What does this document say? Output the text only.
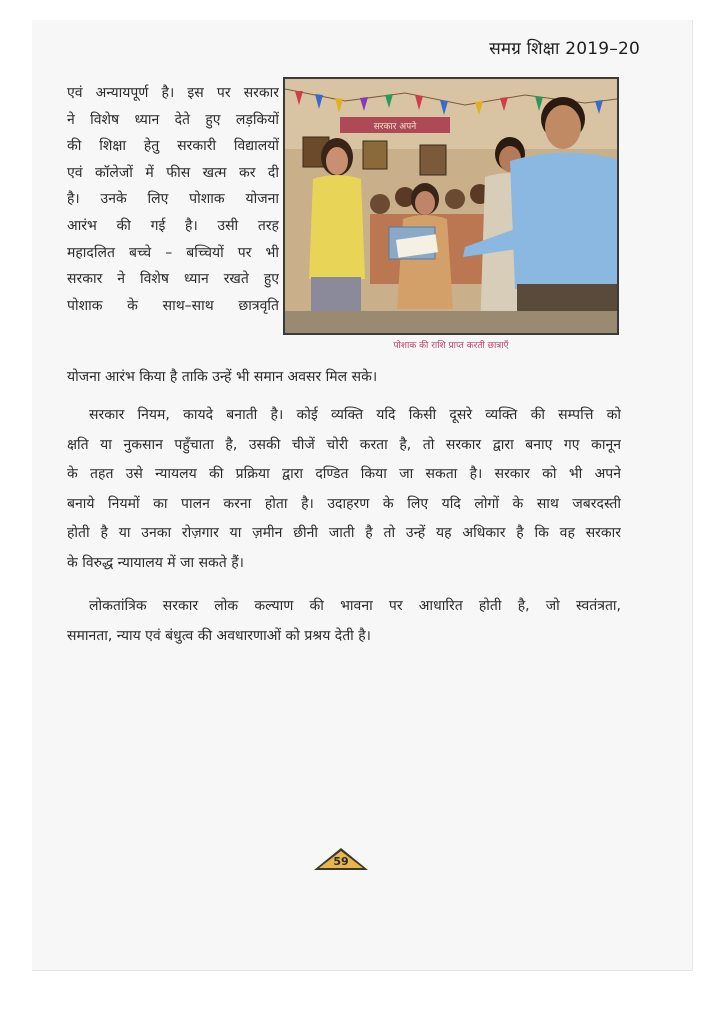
समग्र शिक्षा 2019–20
एवं अन्यायपूर्ण है। इस पर सरकार
ने विशेष ध्यान देते हुए लड़कियों
की शिक्षा हेतु सरकारी विद्यालयों
एवं कॉलेजों में फीस खत्म कर दी
है। उनके लिए पोशाक योजना
आरंभ की गई है। उसी तरह
महादलित बच्चे – बच्चियों पर भी
सरकार ने विशेष ध्यान रखते हुए
पोशाक के साथ–साथ छात्रवृति
सरकार अपने
पोशाक की राशि प्राप्त करती छात्राएँ
योजना आरंभ किया है ताकि उन्हें भी समान अवसर मिल सके।
सरकार नियम, कायदे बनाती है। कोई व्यक्ति यदि किसी दूसरे व्यक्ति की सम्पत्ति को
क्षति या नुकसान पहुँचाता है, उसकी चीजें चोरी करता है, तो सरकार द्वारा बनाए गए कानून
के तहत उसे न्यायलय की प्रक्रिया द्वारा दण्डित किया जा सकता है। सरकार को भी अपने
बनाये नियमों का पालन करना होता है। उदाहरण के लिए यदि लोगों के साथ जबरदस्ती
होती है या उनका रोज़गार या ज़मीन छीनी जाती है तो उन्हें यह अधिकार है कि वह सरकार
के विरुद्ध न्यायालय में जा सकते हैं।
लोकतांत्रिक सरकार लोक कल्याण की भावना पर आधारित होती है, जो स्वतंत्रता,
समानता, न्याय एवं बंधुत्व की अवधारणाओं को प्रश्रय देती है।
59
